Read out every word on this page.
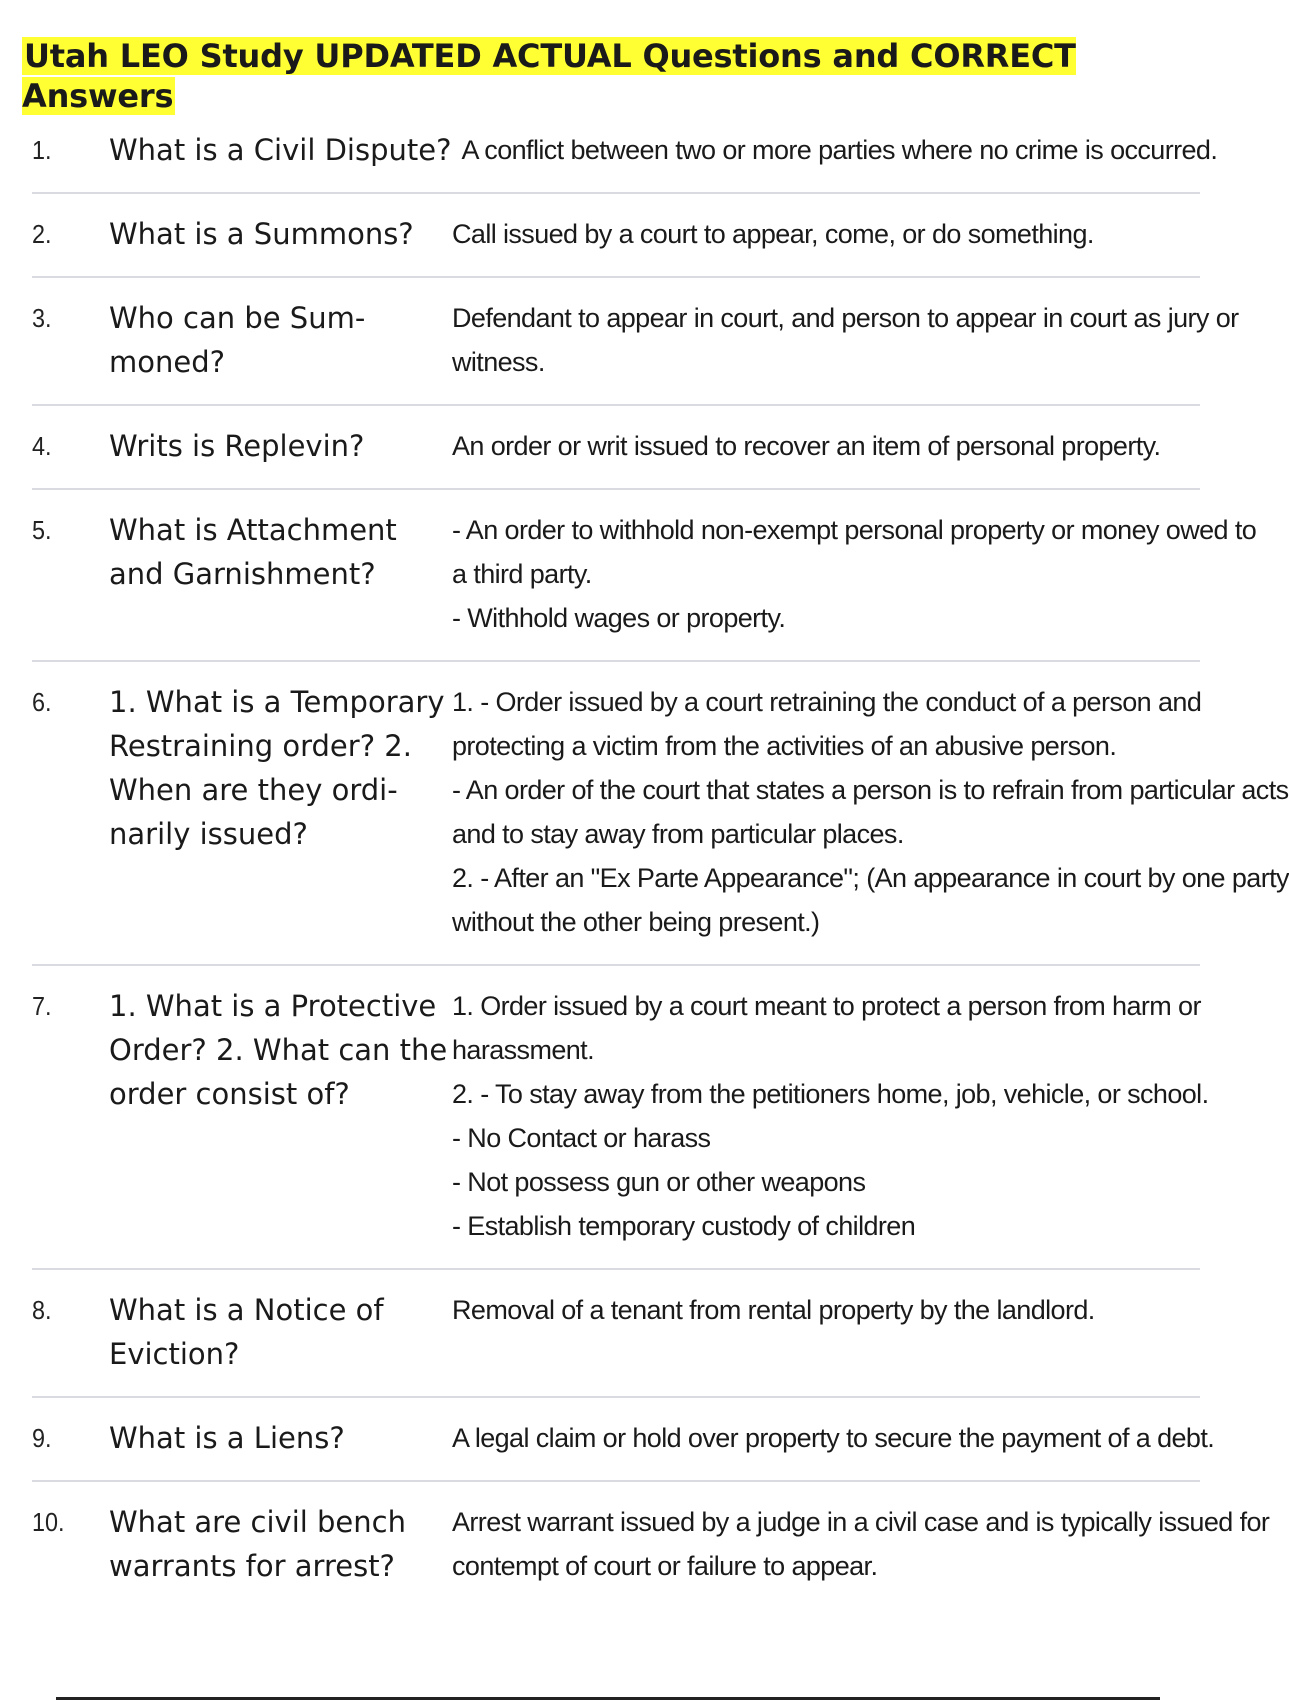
Utah LEO Study UPDATED ACTUAL Questions and CORRECT Answers
1.	What is a Civil Dispute? A conflict between two or more parties where no crime is occurred.
2.	What is a Summons?	Call issued by a court to appear, come, or do something.
3.	Who can be Sum- moned?
Defendant to appear in court, and person to appear in court as jury or
witness.
4.	Writs is Replevin?	An order or writ issued to recover an item of personal property.
5.	What is Attachment and Garnishment?
- An order to withhold non-exempt personal property or money owed to
a third party.
- Withhold wages or property.
6.	1. What is a Temporary Restraining order? 2. When are they ordi- narily issued?
1. - Order issued by a court retraining the conduct of a person and
protecting a victim from the activities of an abusive person.
- An order of the court that states a person is to refrain from particular acts
and to stay away from particular places.
2. - After an "Ex Parte Appearance"; (An appearance in court by one party
without the other being present.)
7.	1. What is a Protective Order? 2. What can the order consist of?
1. Order issued by a court meant to protect a person from harm or
harassment.
2. - To stay away from the petitioners home, job, vehicle, or school.
- No Contact or harass
- Not possess gun or other weapons
- Establish temporary custody of children
8.	What is a Notice of Eviction?
Removal of a tenant from rental property by the landlord.
9.	What is a Liens?	A legal claim or hold over property to secure the payment of a debt.
10.	What are civil bench warrants for arrest?
Arrest warrant issued by a judge in a civil case and is typically issued for
contempt of court or failure to appear.
